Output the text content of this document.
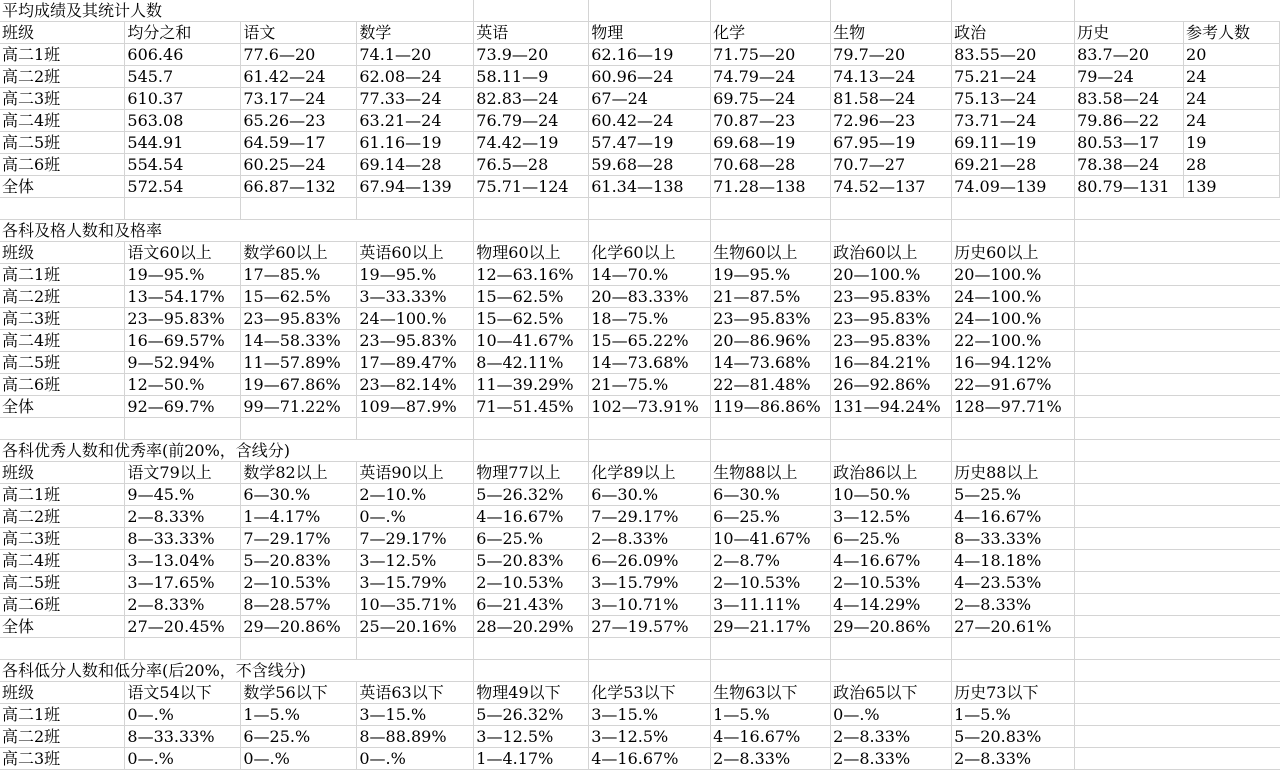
平均成绩及其统计人数										
班级	均分之和	语文	数学	英语	物理	化学	生物	政治	历史	参考人数
高二1班	606.46	77.6—20	74.1—20	73.9—20	62.16—19	71.75—20	79.7—20	83.55—20	83.7—20	20
高二2班	545.7	61.42—24	62.08—24	58.11—9	60.96—24	74.79—24	74.13—24	75.21—24	79—24	24
高二3班	610.37	73.17—24	77.33—24	82.83—24	67—24	69.75—24	81.58—24	75.13—24	83.58—24	24
高二4班	563.08	65.26—23	63.21—24	76.79—24	60.42—24	70.87—23	72.96—23	73.71—24	79.86—22	24
高二5班	544.91	64.59—17	61.16—19	74.42—19	57.47—19	69.68—19	67.95—19	69.11—19	80.53—17	19
高二6班	554.54	60.25—24	69.14—28	76.5—28	59.68—28	70.68—28	70.7—27	69.21—28	78.38—24	28
全体	572.54	66.87—132	67.94—139	75.71—124	61.34—138	71.28—138	74.52—137	74.09—139	80.79—131	139

各科及格人数和及格率										
班级	语文60以上	数学60以上	英语60以上	物理60以上	化学60以上	生物60以上	政治60以上	历史60以上		
高二1班	19—95.%	17—85.%	19—95.%	12—63.16%	14—70.%	19—95.%	20—100.%	20—100.%		
高二2班	13—54.17%	15—62.5%	3—33.33%	15—62.5%	20—83.33%	21—87.5%	23—95.83%	24—100.%		
高二3班	23—95.83%	23—95.83%	24—100.%	15—62.5%	18—75.%	23—95.83%	23—95.83%	24—100.%		
高二4班	16—69.57%	14—58.33%	23—95.83%	10—41.67%	15—65.22%	20—86.96%	23—95.83%	22—100.%		
高二5班	9—52.94%	11—57.89%	17—89.47%	8—42.11%	14—73.68%	14—73.68%	16—84.21%	16—94.12%		
高二6班	12—50.%	19—67.86%	23—82.14%	11—39.29%	21—75.%	22—81.48%	26—92.86%	22—91.67%		
全体	92—69.7%	99—71.22%	109—87.9%	71—51.45%	102—73.91%	119—86.86%	131—94.24%	128—97.71%		

各科优秀人数和优秀率(前20%，含线分)										
班级	语文79以上	数学82以上	英语90以上	物理77以上	化学89以上	生物88以上	政治86以上	历史88以上		
高二1班	9—45.%	6—30.%	2—10.%	5—26.32%	6—30.%	6—30.%	10—50.%	5—25.%		
高二2班	2—8.33%	1—4.17%	0—.%	4—16.67%	7—29.17%	6—25.%	3—12.5%	4—16.67%		
高二3班	8—33.33%	7—29.17%	7—29.17%	6—25.%	2—8.33%	10—41.67%	6—25.%	8—33.33%		
高二4班	3—13.04%	5—20.83%	3—12.5%	5—20.83%	6—26.09%	2—8.7%	4—16.67%	4—18.18%		
高二5班	3—17.65%	2—10.53%	3—15.79%	2—10.53%	3—15.79%	2—10.53%	2—10.53%	4—23.53%		
高二6班	2—8.33%	8—28.57%	10—35.71%	6—21.43%	3—10.71%	3—11.11%	4—14.29%	2—8.33%		
全体	27—20.45%	29—20.86%	25—20.16%	28—20.29%	27—19.57%	29—21.17%	29—20.86%	27—20.61%		

各科低分人数和低分率(后20%，不含线分)										
班级	语文54以下	数学56以下	英语63以下	物理49以下	化学53以下	生物63以下	政治65以下	历史73以下		
高二1班	0—.%	1—5.%	3—15.%	5—26.32%	3—15.%	1—5.%	0—.%	1—5.%		
高二2班	8—33.33%	6—25.%	8—88.89%	3—12.5%	3—12.5%	4—16.67%	2—8.33%	5—20.83%		
高二3班	0—.%	0—.%	0—.%	1—4.17%	4—16.67%	2—8.33%	2—8.33%	2—8.33%		
